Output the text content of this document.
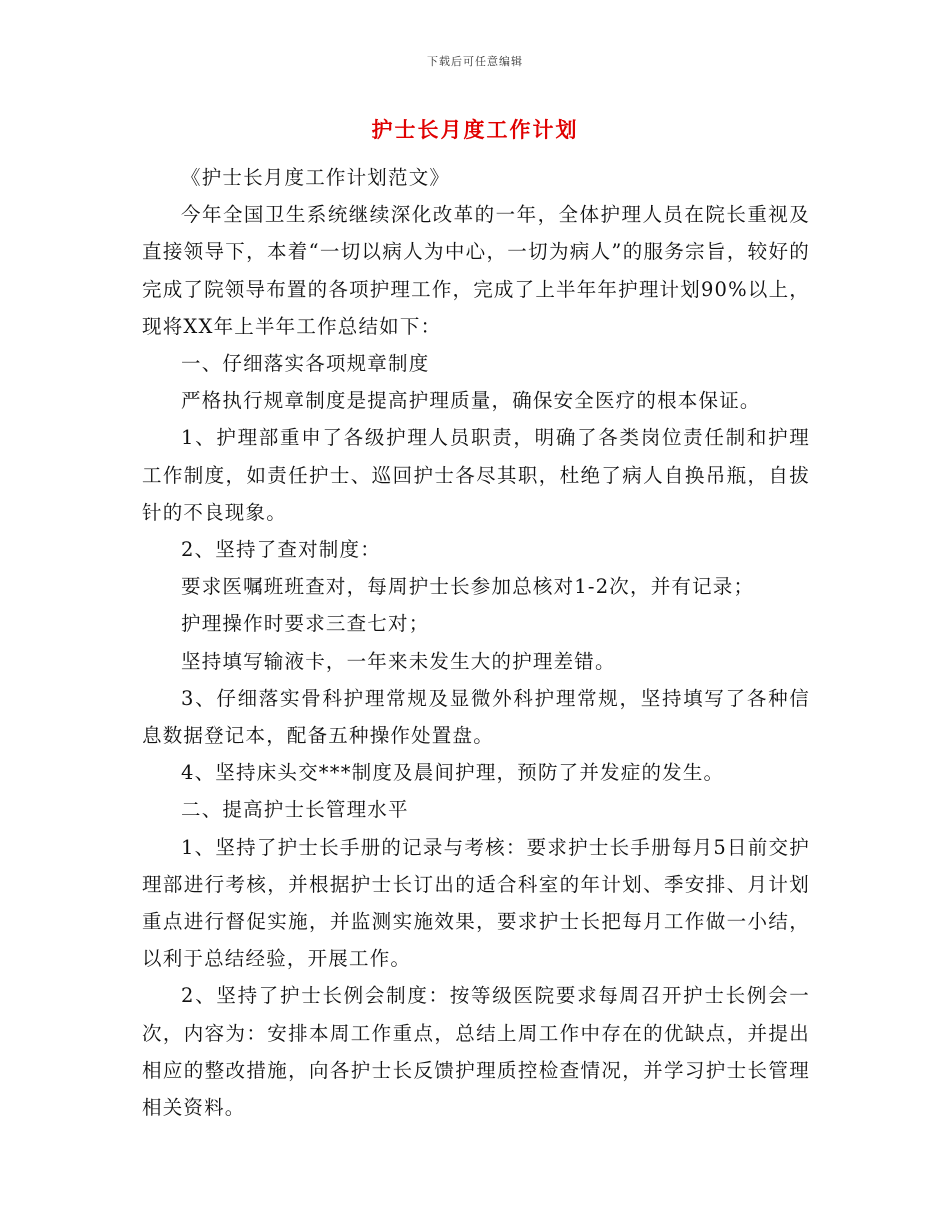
下载后可任意编辑
护士长月度工作计划

《护士长月度工作计划范文》

今年全国卫生系统继续深化改革的一年，全体护理人员在院长重视及直接领导下，本着“一切以病人为中心，一切为病人”的服务宗旨，较好的完成了院领导布置的各项护理工作，完成了上半年年护理计划90%以上，现将XX年上半年工作总结如下：

一、仔细落实各项规章制度

严格执行规章制度是提高护理质量，确保安全医疗的根本保证。

1、护理部重申了各级护理人员职责，明确了各类岗位责任制和护理工作制度，如责任护士、巡回护士各尽其职，杜绝了病人自换吊瓶，自拔针的不良现象。

2、坚持了查对制度：

要求医嘱班班查对，每周护士长参加总核对1-2次，并有记录；

护理操作时要求三查七对；

坚持填写输液卡，一年来未发生大的护理差错。

3、仔细落实骨科护理常规及显微外科护理常规，坚持填写了各种信息数据登记本，配备五种操作处置盘。

4、坚持床头交***制度及晨间护理，预防了并发症的发生。

二、提高护士长管理水平

1、坚持了护士长手册的记录与考核：要求护士长手册每月5日前交护理部进行考核，并根据护士长订出的适合科室的年计划、季安排、月计划重点进行督促实施，并监测实施效果，要求护士长把每月工作做一小结，以利于总结经验，开展工作。

2、坚持了护士长例会制度：按等级医院要求每周召开护士长例会一次，内容为：安排本周工作重点，总结上周工作中存在的优缺点，并提出相应的整改措施，向各护士长反馈护理质控检查情况，并学习护士长管理相关资料。
